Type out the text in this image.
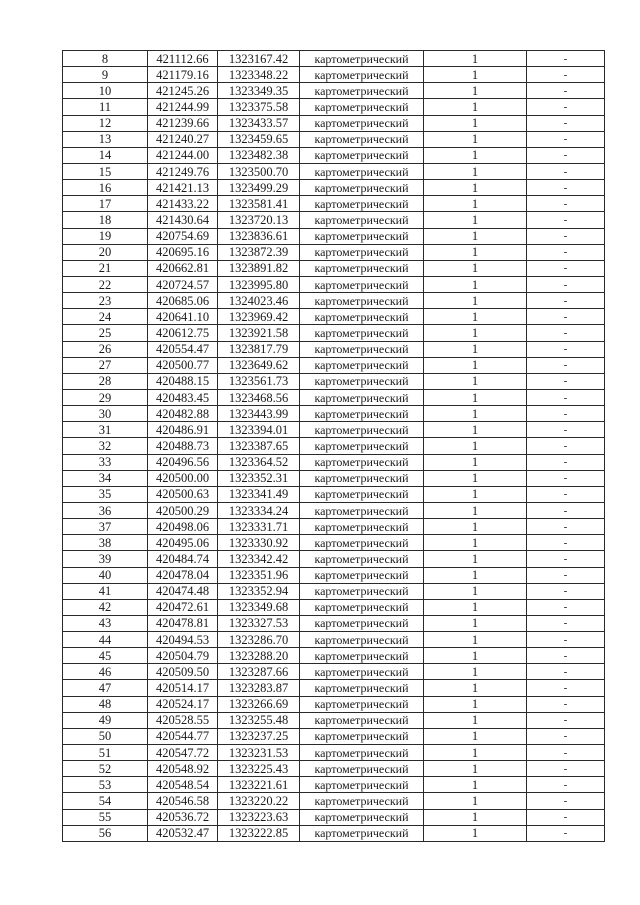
8	421112.66	1323167.42	картометрический	1	-
9	421179.16	1323348.22	картометрический	1	-
10	421245.26	1323349.35	картометрический	1	-
11	421244.99	1323375.58	картометрический	1	-
12	421239.66	1323433.57	картометрический	1	-
13	421240.27	1323459.65	картометрический	1	-
14	421244.00	1323482.38	картометрический	1	-
15	421249.76	1323500.70	картометрический	1	-
16	421421.13	1323499.29	картометрический	1	-
17	421433.22	1323581.41	картометрический	1	-
18	421430.64	1323720.13	картометрический	1	-
19	420754.69	1323836.61	картометрический	1	-
20	420695.16	1323872.39	картометрический	1	-
21	420662.81	1323891.82	картометрический	1	-
22	420724.57	1323995.80	картометрический	1	-
23	420685.06	1324023.46	картометрический	1	-
24	420641.10	1323969.42	картометрический	1	-
25	420612.75	1323921.58	картометрический	1	-
26	420554.47	1323817.79	картометрический	1	-
27	420500.77	1323649.62	картометрический	1	-
28	420488.15	1323561.73	картометрический	1	-
29	420483.45	1323468.56	картометрический	1	-
30	420482.88	1323443.99	картометрический	1	-
31	420486.91	1323394.01	картометрический	1	-
32	420488.73	1323387.65	картометрический	1	-
33	420496.56	1323364.52	картометрический	1	-
34	420500.00	1323352.31	картометрический	1	-
35	420500.63	1323341.49	картометрический	1	-
36	420500.29	1323334.24	картометрический	1	-
37	420498.06	1323331.71	картометрический	1	-
38	420495.06	1323330.92	картометрический	1	-
39	420484.74	1323342.42	картометрический	1	-
40	420478.04	1323351.96	картометрический	1	-
41	420474.48	1323352.94	картометрический	1	-
42	420472.61	1323349.68	картометрический	1	-
43	420478.81	1323327.53	картометрический	1	-
44	420494.53	1323286.70	картометрический	1	-
45	420504.79	1323288.20	картометрический	1	-
46	420509.50	1323287.66	картометрический	1	-
47	420514.17	1323283.87	картометрический	1	-
48	420524.17	1323266.69	картометрический	1	-
49	420528.55	1323255.48	картометрический	1	-
50	420544.77	1323237.25	картометрический	1	-
51	420547.72	1323231.53	картометрический	1	-
52	420548.92	1323225.43	картометрический	1	-
53	420548.54	1323221.61	картометрический	1	-
54	420546.58	1323220.22	картометрический	1	-
55	420536.72	1323223.63	картометрический	1	-
56	420532.47	1323222.85	картометрический	1	-
